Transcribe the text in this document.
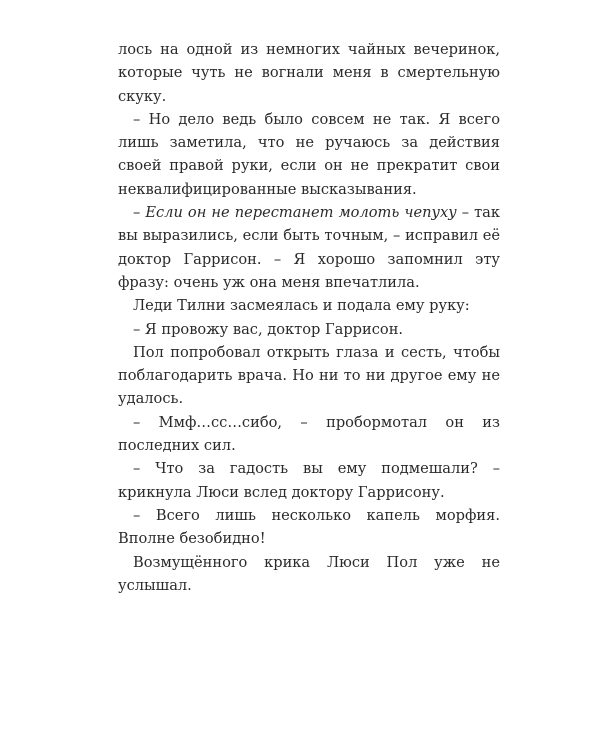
лось на одной из немногих чайных вечеринок, которые чуть не вогнали меня в смертельную скуку.

– Но дело ведь было совсем не так. Я всего лишь заметила, что не ручаюсь за действия своей правой руки, если он не прекратит свои неквалифицированные высказывания.

– Если он не перестанет молоть чепуху – так вы выразились, если быть точным, – исправил её доктор Гаррисон. – Я хорошо запомнил эту фразу: очень уж она меня впечатлила.

Леди Тилни засмеялась и подала ему руку:

– Я провожу вас, доктор Гаррисон.

Пол попробовал открыть глаза и сесть, чтобы поблагодарить врача. Но ни то ни другое ему не удалось.

– Ммф…сс…сибо, – пробормотал он из последних сил.

– Что за гадость вы ему подмешали? – крикнула Люси вслед доктору Гаррисону.

– Всего лишь несколько капель морфия. Вполне безобидно!

Возмущённого крика Люси Пол уже не услышал.
